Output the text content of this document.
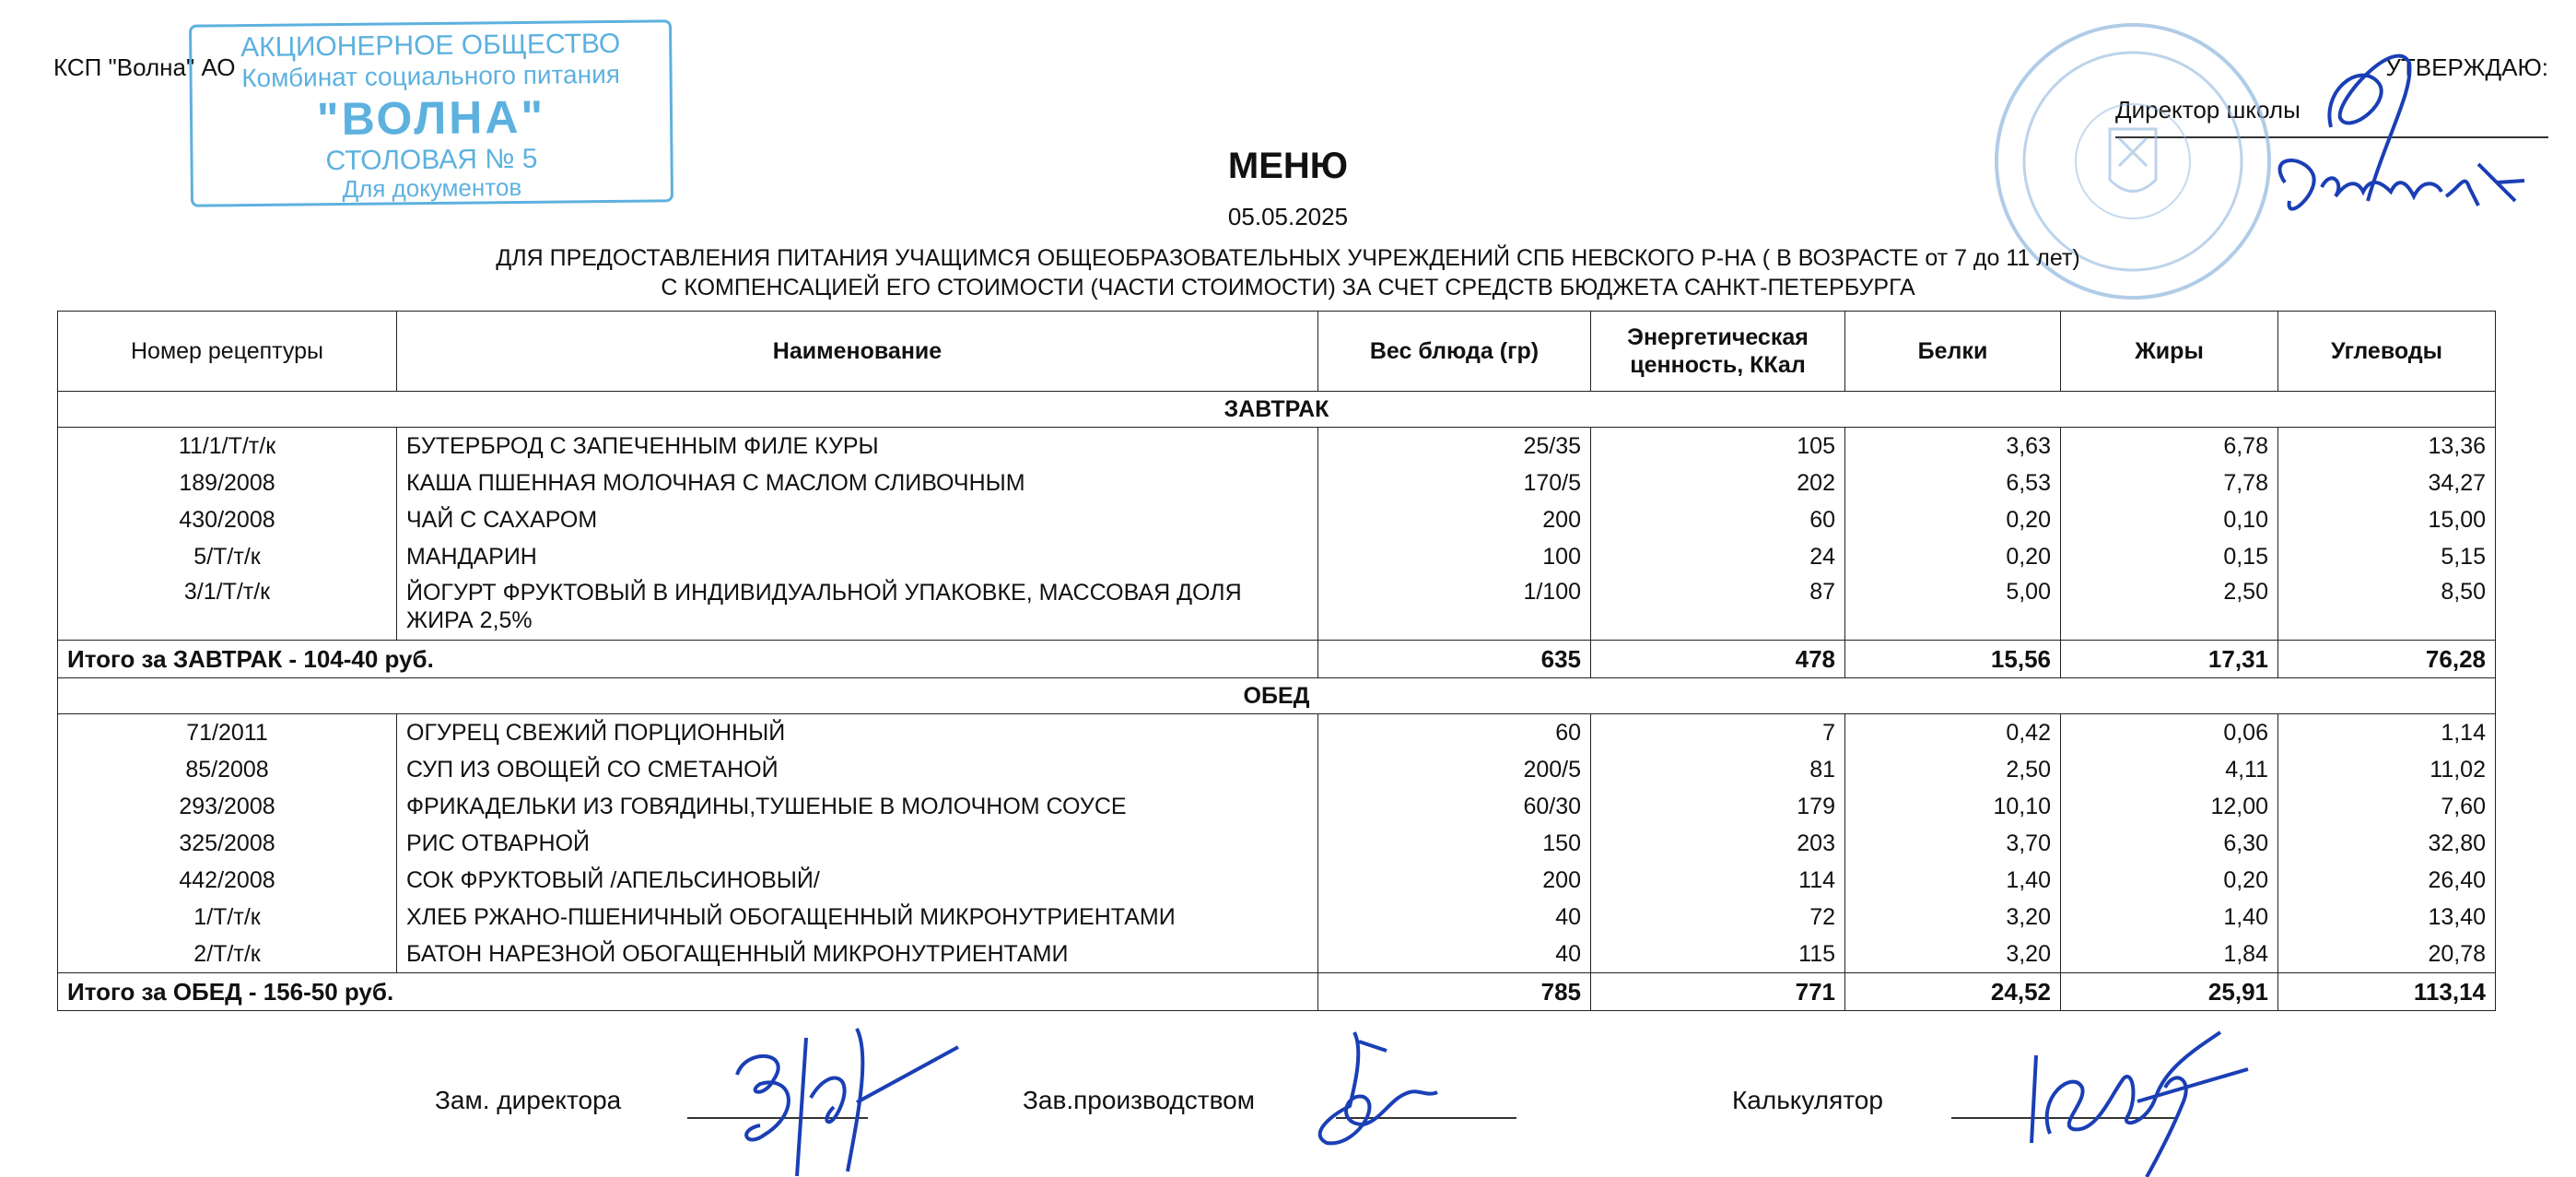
КСП "Волна" АО	УТВЕРЖДАЮ:
Директор школы
АКЦИОНЕРНОЕ ОБЩЕСТВО
Комбинат социального питания
"ВОЛНА"
СТОЛОВАЯ № 5
Для документов
МЕНЮ
05.05.2025
ДЛЯ ПРЕДОСТАВЛЕНИЯ ПИТАНИЯ УЧАЩИМСЯ ОБЩЕОБРАЗОВАТЕЛЬНЫХ УЧРЕЖДЕНИЙ СПБ НЕВСКОГО Р-НА ( В ВОЗРАСТЕ от 7 до 11 лет)
С КОМПЕНСАЦИЕЙ ЕГО СТОИМОСТИ (ЧАСТИ СТОИМОСТИ) ЗА СЧЕТ СРЕДСТВ БЮДЖЕТА САНКТ-ПЕТЕРБУРГА
Номер рецептуры	Наименование	Вес блюда (гр)	Энергетическая ценность, ККал	Белки	Жиры	Углеводы
ЗАВТРАК						
11/1/Т/т/к	БУТЕРБРОД С ЗАПЕЧЕННЫМ ФИЛЕ КУРЫ	25/35	105	3,63	6,78	13,36
189/2008	КАША ПШЕННАЯ МОЛОЧНАЯ С МАСЛОМ СЛИВОЧНЫМ	170/5	202	6,53	7,78	34,27
430/2008	ЧАЙ С САХАРОМ	200	60	0,20	0,10	15,00
5/Т/т/к	МАНДАРИН	100	24	0,20	0,15	5,15
3/1/Т/т/к	ЙОГУРТ ФРУКТОВЫЙ В ИНДИВИДУАЛЬНОЙ УПАКОВКЕ, МАССОВАЯ ДОЛЯ ЖИРА 2,5%	1/100	87	5,00	2,50	8,50
Итого за ЗАВТРАК - 104-40 руб.		635	478	15,56	17,31	76,28
ОБЕД						
71/2011	ОГУРЕЦ СВЕЖИЙ ПОРЦИОННЫЙ	60	7	0,42	0,06	1,14
85/2008	СУП ИЗ ОВОЩЕЙ СО СМЕТАНОЙ	200/5	81	2,50	4,11	11,02
293/2008	ФРИКАДЕЛЬКИ ИЗ ГОВЯДИНЫ,ТУШЕНЫЕ В МОЛОЧНОМ СОУСЕ	60/30	179	10,10	12,00	7,60
325/2008	РИС ОТВАРНОЙ	150	203	3,70	6,30	32,80
442/2008	СОК ФРУКТОВЫЙ /АПЕЛЬСИНОВЫЙ/	200	114	1,40	0,20	26,40
1/Т/т/к	ХЛЕБ РЖАНО-ПШЕНИЧНЫЙ ОБОГАЩЕННЫЙ МИКРОНУТРИЕНТАМИ	40	72	3,20	1,40	13,40
2/Т/т/к	БАТОН НАРЕЗНОЙ ОБОГАЩЕННЫЙ МИКРОНУТРИЕНТАМИ	40	115	3,20	1,84	20,78
Итого за ОБЕД - 156-50 руб.		785	771	24,52	25,91	113,14
Зам. директора	Зав.производством	Калькулятор
